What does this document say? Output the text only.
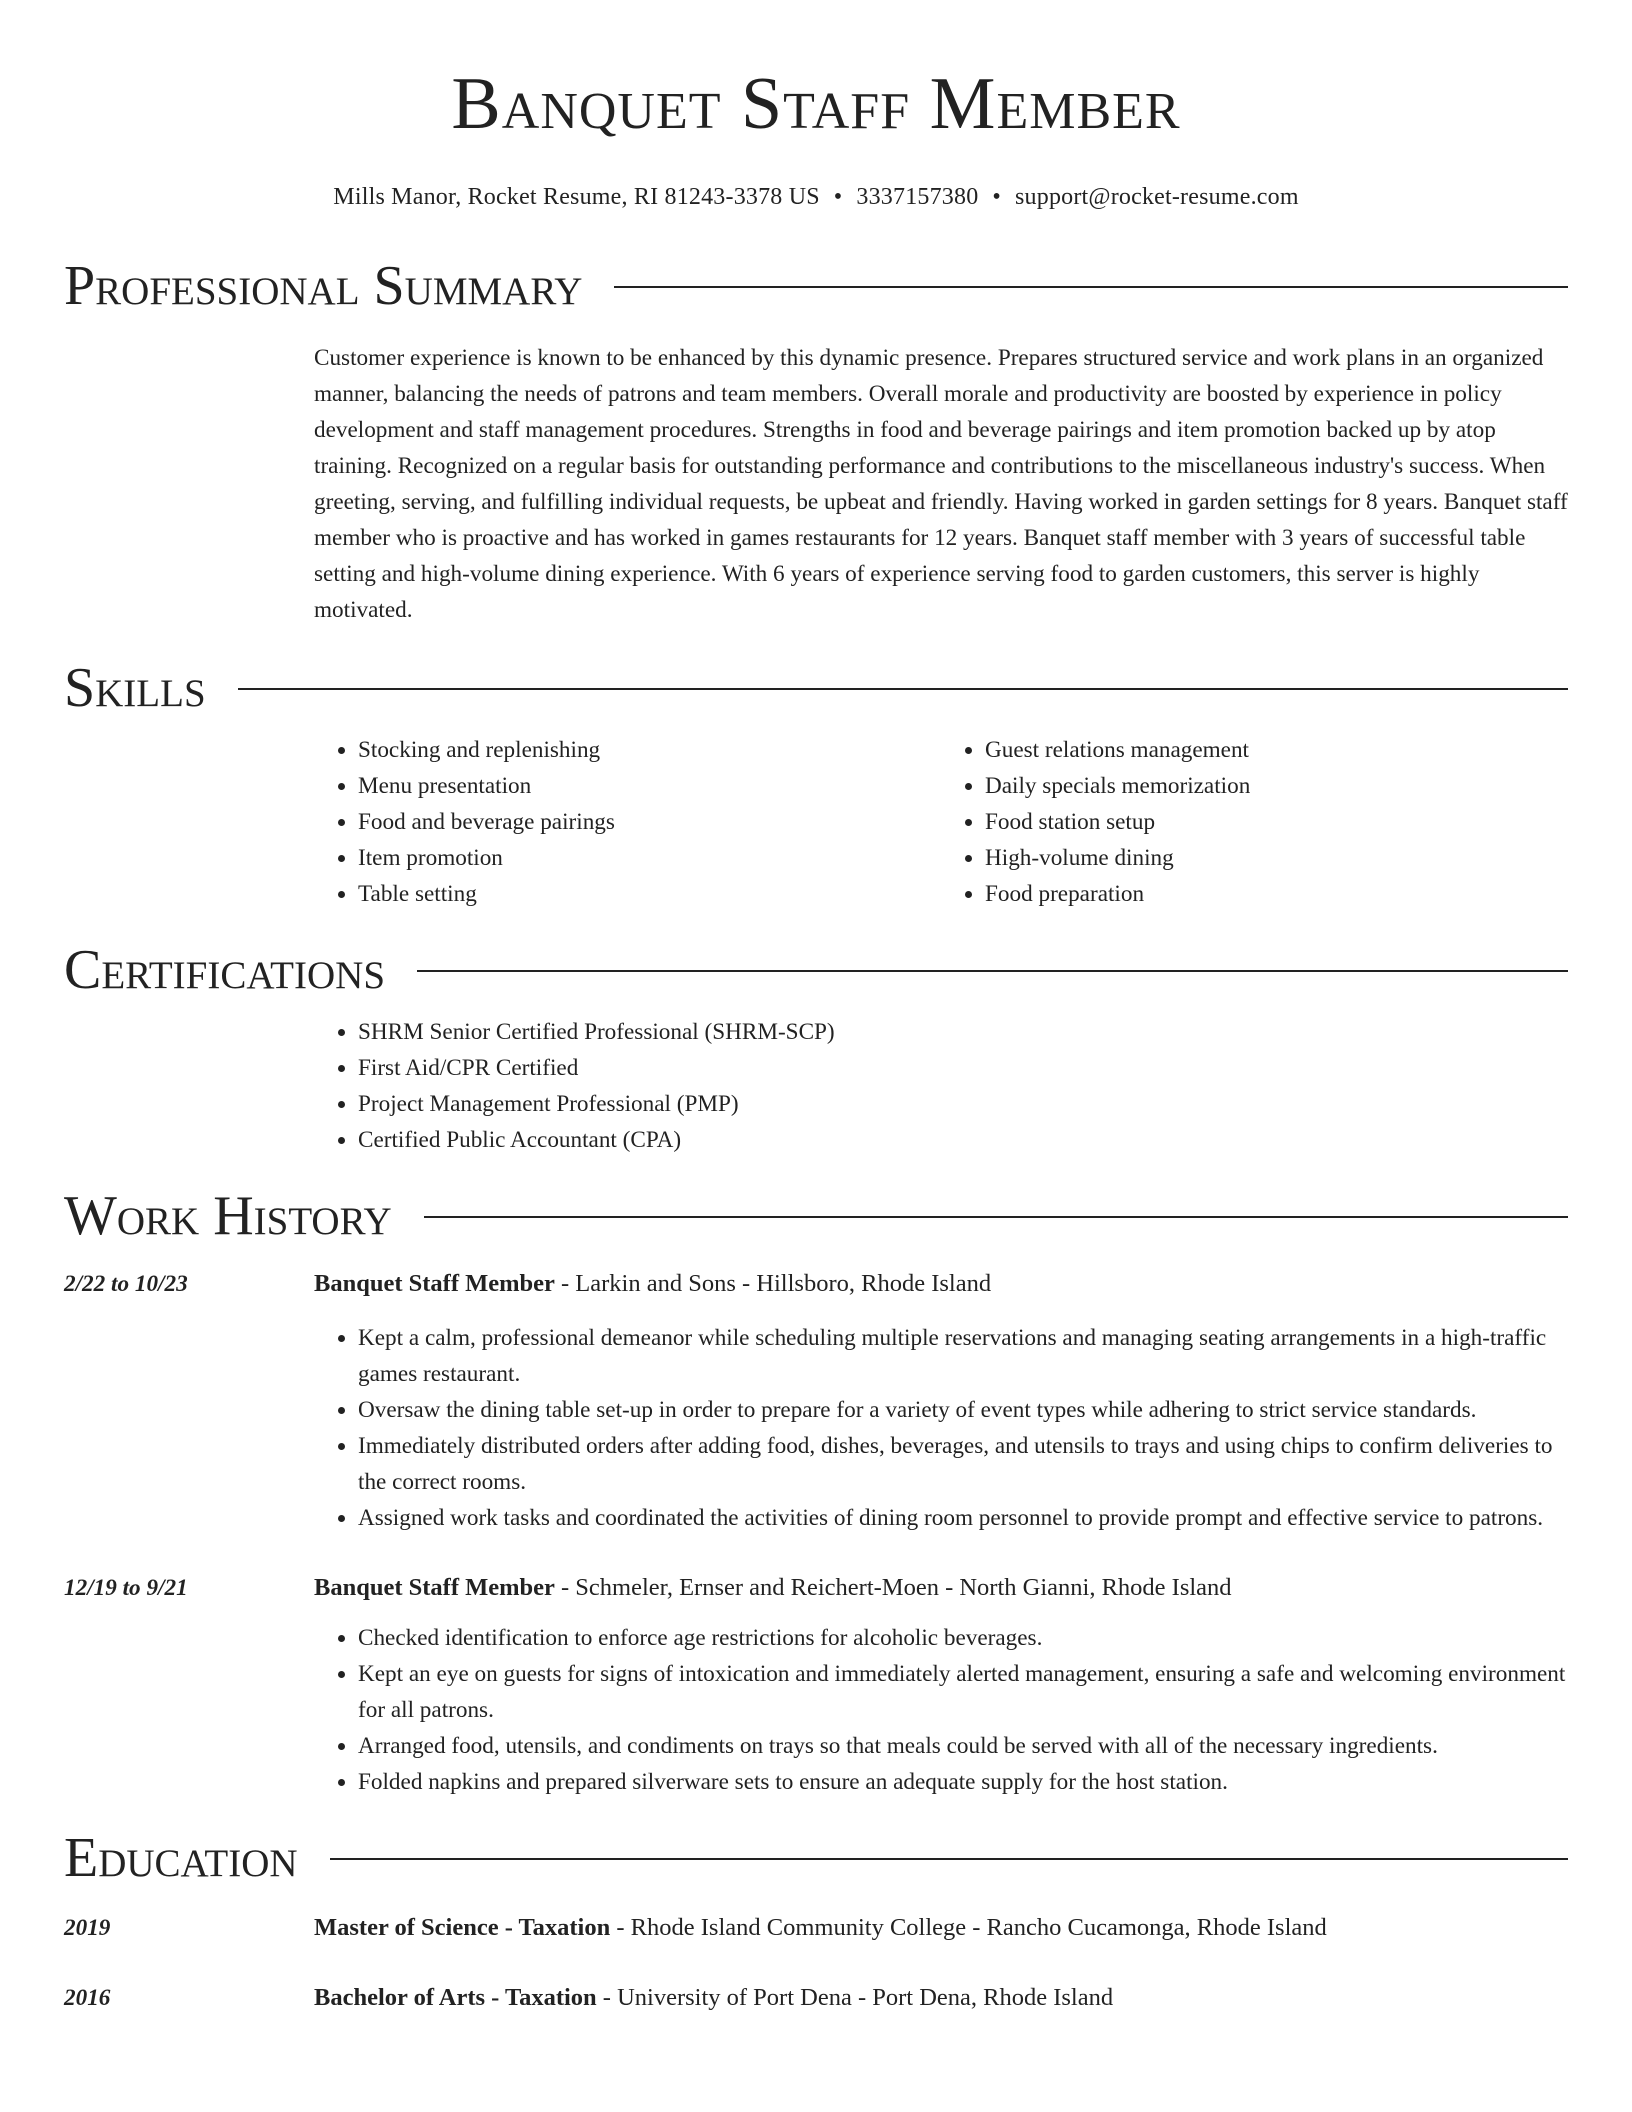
Banquet Staff Member
Mills Manor, Rocket Resume, RI 81243-3378 US • 3337157380 • support@rocket-resume.com
Professional Summary
Customer experience is known to be enhanced by this dynamic presence. Prepares structured service and work plans in an organized manner, balancing the needs of patrons and team members. Overall morale and productivity are boosted by experience in policy development and staff management procedures. Strengths in food and beverage pairings and item promotion backed up by atop training. Recognized on a regular basis for outstanding performance and contributions to the miscellaneous industry's success. When greeting, serving, and fulfilling individual requests, be upbeat and friendly. Having worked in garden settings for 8 years. Banquet staff member who is proactive and has worked in games restaurants for 12 years. Banquet staff member with 3 years of successful table setting and high-volume dining experience. With 6 years of experience serving food to garden customers, this server is highly motivated.
Skills
• Stocking and replenishing
• Menu presentation
• Food and beverage pairings
• Item promotion
• Table setting
• Guest relations management
• Daily specials memorization
• Food station setup
• High-volume dining
• Food preparation
Certifications
• SHRM Senior Certified Professional (SHRM-SCP)
• First Aid/CPR Certified
• Project Management Professional (PMP)
• Certified Public Accountant (CPA)
Work History
2/22 to 10/23	Banquet Staff Member - Larkin and Sons - Hillsboro, Rhode Island
• Kept a calm, professional demeanor while scheduling multiple reservations and managing seating arrangements in a high-traffic games restaurant.
• Oversaw the dining table set-up in order to prepare for a variety of event types while adhering to strict service standards.
• Immediately distributed orders after adding food, dishes, beverages, and utensils to trays and using chips to confirm deliveries to the correct rooms.
• Assigned work tasks and coordinated the activities of dining room personnel to provide prompt and effective service to patrons.
12/19 to 9/21	Banquet Staff Member - Schmeler, Ernser and Reichert-Moen - North Gianni, Rhode Island
• Checked identification to enforce age restrictions for alcoholic beverages.
• Kept an eye on guests for signs of intoxication and immediately alerted management, ensuring a safe and welcoming environment for all patrons.
• Arranged food, utensils, and condiments on trays so that meals could be served with all of the necessary ingredients.
• Folded napkins and prepared silverware sets to ensure an adequate supply for the host station.
Education
2019	Master of Science - Taxation - Rhode Island Community College - Rancho Cucamonga, Rhode Island
2016	Bachelor of Arts - Taxation - University of Port Dena - Port Dena, Rhode Island
